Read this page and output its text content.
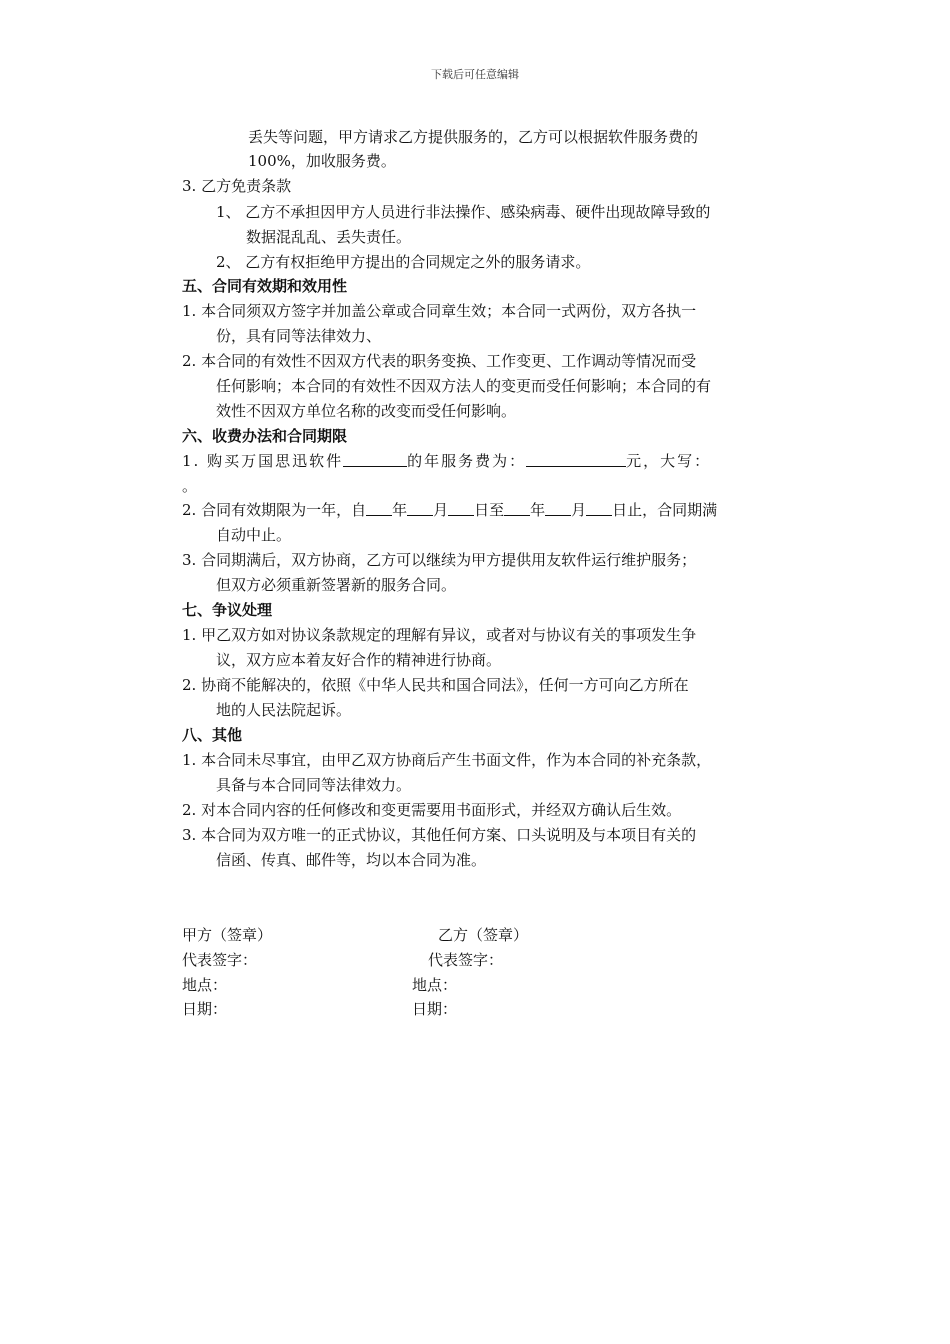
下载后可任意编辑
丢失等问题，甲方请求乙方提供服务的，乙方可以根据软件服务费的
100%，加收服务费。
3. 乙方免责条款
1、 乙方不承担因甲方人员进行非法操作、感染病毒、硬件出现故障导致的
数据混乱乱、丢失责任。
2、 乙方有权拒绝甲方提出的合同规定之外的服务请求。
五、合同有效期和效用性
1. 本合同须双方签字并加盖公章或合同章生效；本合同一式两份，双方各执一
份，具有同等法律效力、
2. 本合同的有效性不因双方代表的职务变换、工作变更、工作调动等情况而受
任何影响；本合同的有效性不因双方法人的变更而受任何影响；本合同的有
效性不因双方单位名称的改变而受任何影响。
六、收费办法和合同期限
1. 购买万国思迅软件	的年服务费为：	元，大写：
。
2. 合同有效期限为一年，自 年 月 日至 年 月 日止，合同期满
自动中止。
3. 合同期满后，双方协商，乙方可以继续为甲方提供用友软件运行维护服务；
但双方必须重新签署新的服务合同。
七、争议处理
1. 甲乙双方如对协议条款规定的理解有异议，或者对与协议有关的事项发生争
议，双方应本着友好合作的精神进行协商。
2. 协商不能解决的，依照《中华人民共和国合同法》，任何一方可向乙方所在
地的人民法院起诉。
八、其他
1. 本合同未尽事宜，由甲乙双方协商后产生书面文件，作为本合同的补充条款，
具备与本合同同等法律效力。
2. 对本合同内容的任何修改和变更需要用书面形式，并经双方确认后生效。
3. 本合同为双方唯一的正式协议，其他任何方案、口头说明及与本项目有关的
信函、传真、邮件等，均以本合同为准。
甲方（签章）	乙方（签章）
代表签字：	代表签字：
地点：	地点：
日期：	日期：
